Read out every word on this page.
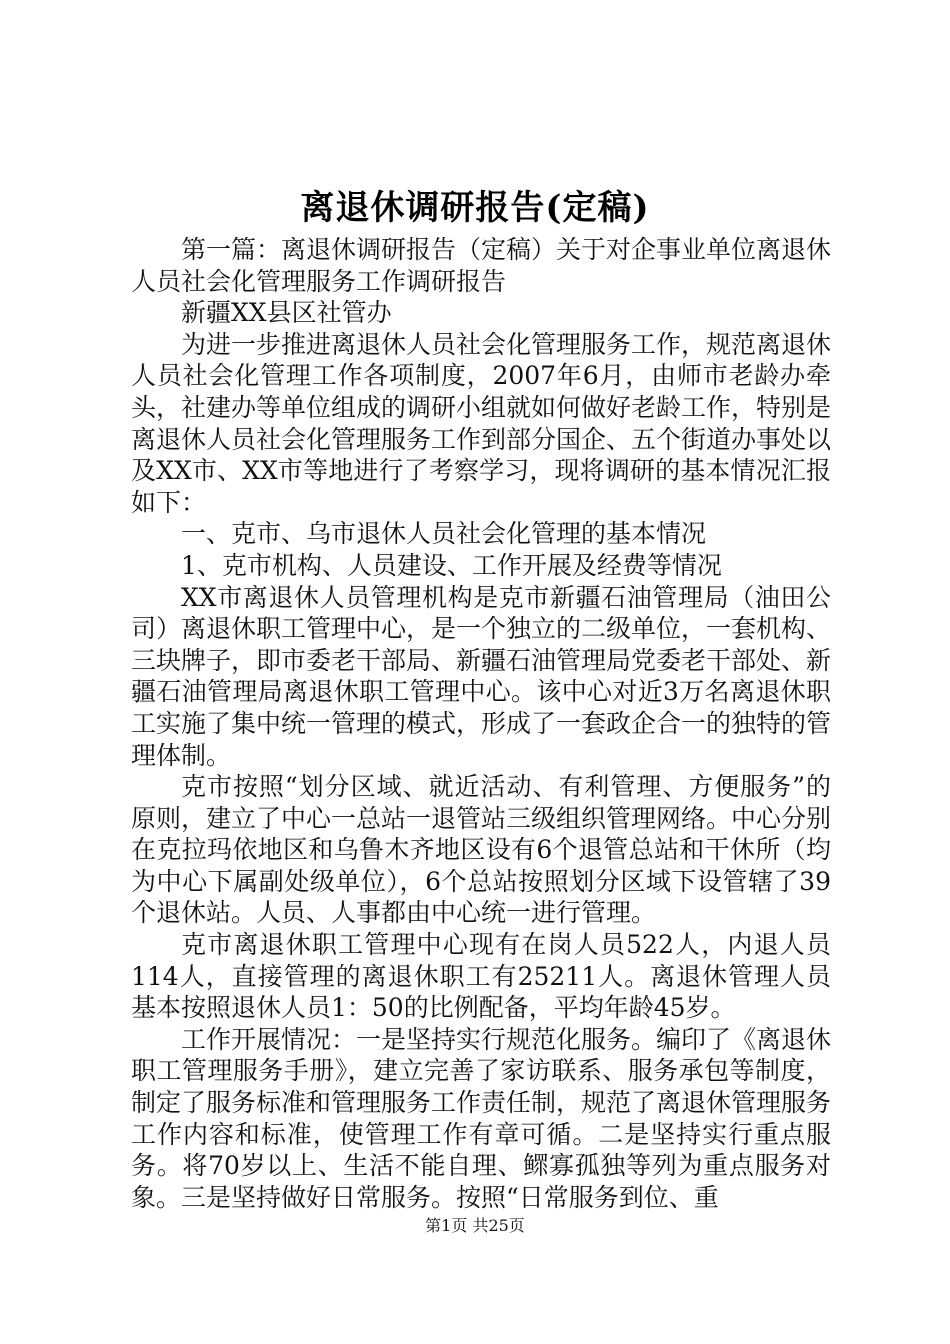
离退休调研报告(定稿)

第一篇：离退休调研报告（定稿）关于对企事业单位离退休人员社会化管理服务工作调研报告

新疆XX县区社管办

为进一步推进离退休人员社会化管理服务工作，规范离退休人员社会化管理工作各项制度，2007年6月，由师市老龄办牵头，社建办等单位组成的调研小组就如何做好老龄工作，特别是离退休人员社会化管理服务工作到部分国企、五个街道办事处以及XX市、XX市等地进行了考察学习，现将调研的基本情况汇报如下：

一、克市、乌市退休人员社会化管理的基本情况

1、克市机构、人员建设、工作开展及经费等情况

XX市离退休人员管理机构是克市新疆石油管理局（油田公司）离退休职工管理中心，是一个独立的二级单位，一套机构、三块牌子，即市委老干部局、新疆石油管理局党委老干部处、新疆石油管理局离退休职工管理中心。该中心对近3万名离退休职工实施了集中统一管理的模式，形成了一套政企合一的独特的管理体制。

克市按照“划分区域、就近活动、有利管理、方便服务”的原则，建立了中心一总站一退管站三级组织管理网络。中心分别在克拉玛依地区和乌鲁木齐地区设有6个退管总站和干休所（均为中心下属副处级单位），6个总站按照划分区域下设管辖了39个退休站。人员、人事都由中心统一进行管理。

克市离退休职工管理中心现有在岗人员522人，内退人员114人，直接管理的离退休职工有25211人。离退休管理人员基本按照退休人员1：50的比例配备，平均年龄45岁。

工作开展情况：一是坚持实行规范化服务。编印了《离退休职工管理服务手册》，建立完善了家访联系、服务承包等制度，制定了服务标准和管理服务工作责任制，规范了离退休管理服务工作内容和标准，使管理工作有章可循。二是坚持实行重点服务。将70岁以上、生活不能自理、鳏寡孤独等列为重点服务对象。三是坚持做好日常服务。按照“日常服务到位、重

第1页 共25页
